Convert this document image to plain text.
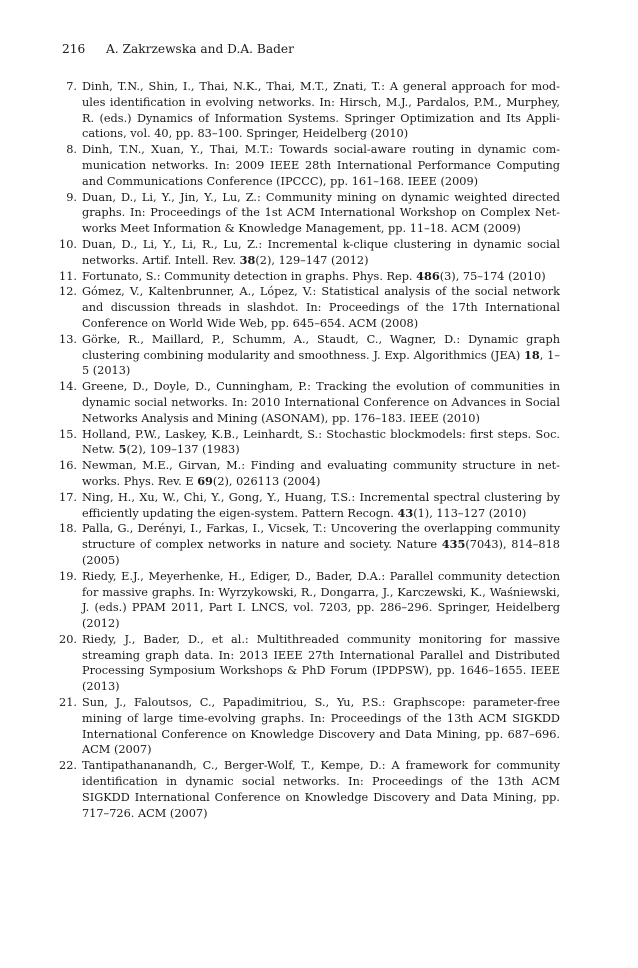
216 A. Zakrzewska and D.A. Bader
7. Dinh, T.N., Shin, I., Thai, N.K., Thai, M.T., Znati, T.: A general approach for modules identification in evolving networks. In: Hirsch, M.J., Pardalos, P.M., Murphey, R. (eds.) Dynamics of Information Systems. Springer Optimization and Its Applications, vol. 40, pp. 83–100. Springer, Heidelberg (2010)
8. Dinh, T.N., Xuan, Y., Thai, M.T.: Towards social-aware routing in dynamic communication networks. In: 2009 IEEE 28th International Performance Computing and Communications Conference (IPCCC), pp. 161–168. IEEE (2009)
9. Duan, D., Li, Y., Jin, Y., Lu, Z.: Community mining on dynamic weighted directed graphs. In: Proceedings of the 1st ACM International Workshop on Complex Networks Meet Information & Knowledge Management, pp. 11–18. ACM (2009)
10. Duan, D., Li, Y., Li, R., Lu, Z.: Incremental k-clique clustering in dynamic social networks. Artif. Intell. Rev. 38(2), 129–147 (2012)
11. Fortunato, S.: Community detection in graphs. Phys. Rep. 486(3), 75–174 (2010)
12. Gómez, V., Kaltenbrunner, A., López, V.: Statistical analysis of the social network and discussion threads in slashdot. In: Proceedings of the 17th International Conference on World Wide Web, pp. 645–654. ACM (2008)
13. Görke, R., Maillard, P., Schumm, A., Staudt, C., Wagner, D.: Dynamic graph clustering combining modularity and smoothness. J. Exp. Algorithmics (JEA) 18, 1–5 (2013)
14. Greene, D., Doyle, D., Cunningham, P.: Tracking the evolution of communities in dynamic social networks. In: 2010 International Conference on Advances in Social Networks Analysis and Mining (ASONAM), pp. 176–183. IEEE (2010)
15. Holland, P.W., Laskey, K.B., Leinhardt, S.: Stochastic blockmodels: first steps. Soc. Netw. 5(2), 109–137 (1983)
16. Newman, M.E., Girvan, M.: Finding and evaluating community structure in networks. Phys. Rev. E 69(2), 026113 (2004)
17. Ning, H., Xu, W., Chi, Y., Gong, Y., Huang, T.S.: Incremental spectral clustering by efficiently updating the eigen-system. Pattern Recogn. 43(1), 113–127 (2010)
18. Palla, G., Derényi, I., Farkas, I., Vicsek, T.: Uncovering the overlapping community structure of complex networks in nature and society. Nature 435(7043), 814–818 (2005)
19. Riedy, E.J., Meyerhenke, H., Ediger, D., Bader, D.A.: Parallel community detection for massive graphs. In: Wyrzykowski, R., Dongarra, J., Karczewski, K., Waśniewski, J. (eds.) PPAM 2011, Part I. LNCS, vol. 7203, pp. 286–296. Springer, Heidelberg (2012)
20. Riedy, J., Bader, D., et al.: Multithreaded community monitoring for massive streaming graph data. In: 2013 IEEE 27th International Parallel and Distributed Processing Symposium Workshops & PhD Forum (IPDPSW), pp. 1646–1655. IEEE (2013)
21. Sun, J., Faloutsos, C., Papadimitriou, S., Yu, P.S.: Graphscope: parameter-free mining of large time-evolving graphs. In: Proceedings of the 13th ACM SIGKDD International Conference on Knowledge Discovery and Data Mining, pp. 687–696. ACM (2007)
22. Tantipathananandh, C., Berger-Wolf, T., Kempe, D.: A framework for community identification in dynamic social networks. In: Proceedings of the 13th ACM SIGKDD International Conference on Knowledge Discovery and Data Mining, pp. 717–726. ACM (2007)
